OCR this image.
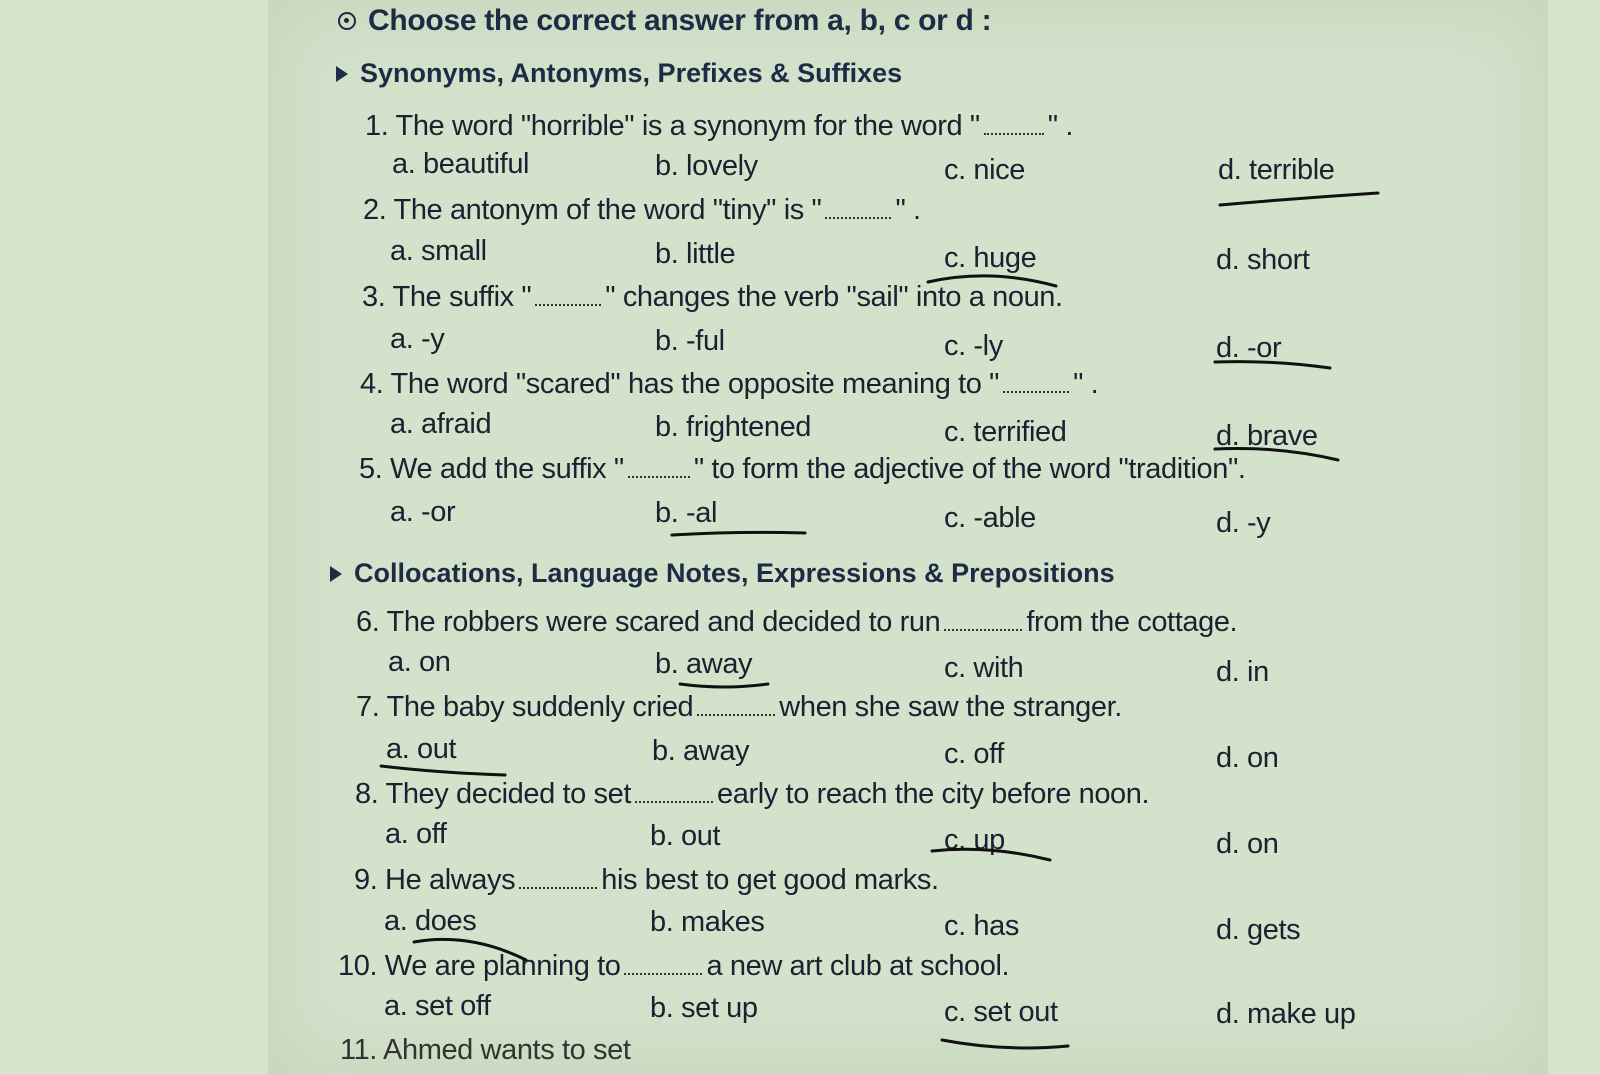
Choose the correct answer from a, b, c or d :
Synonyms, Antonyms, Prefixes & Suffixes
Collocations, Language Notes, Expressions & Prepositions
1. The word "horrible" is a synonym for the word " " .
a. beautiful	b. lovely	c. nice	d. terrible
2. The antonym of the word "tiny" is "	" .
a. small	b. little	c. huge	d. short
3. The suffix "	" changes the verb "sail" into a noun.
a. -y	b. -ful	c. -ly	d. -or
4. The word "scared" has the opposite meaning to "	" .
a. afraid	b. frightened	c. terrified	d. brave
5. We add the suffix " " to form the adjective of the word "tradition".
a. -or	b. -al	c. -able	d. -y
6. The robbers were scared and decided to run	from the cottage.
a. on	b. away	c. with	d. in
7. The baby suddenly cried	when she saw the stranger.
a. out	b. away	c. off	d. on
8. They decided to set	early to reach the city before noon.
a. off	b. out	c. up	d. on
9. He always	his best to get good marks.
a. does	b. makes	c. has	d. gets
10. We are planning to	a new art club at school.
a. set off	b. set up	c. set out	d. make up
11. Ahmed wants to set
